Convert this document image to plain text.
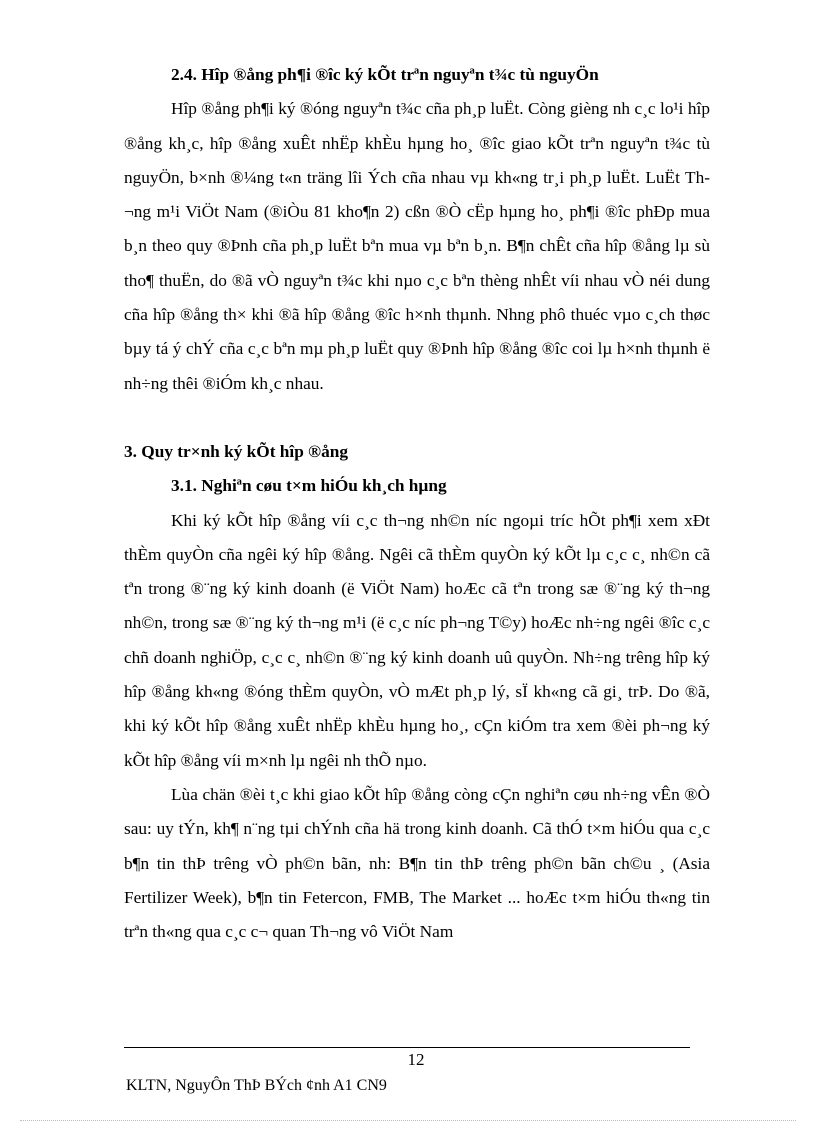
2.4. Hîp ®ång ph¶i ®îc ký kÕt trªn nguyªn t¾c tù nguyÖn

Hîp ®ång ph¶i ký ®óng nguyªn t¾c cña ph¸p luËt. Còng gièng nh c¸c lo¹i hîp ®ång kh¸c, hîp ®ång xuÊt nhËp khÈu hµng ho¸ ®îc giao kÕt trªn nguyªn t¾c tù nguyÖn, b×nh ®¼ng t«n träng lîi Ých cña nhau vµ kh«ng tr¸i ph¸p luËt. LuËt Th¬ng m¹i ViÖt Nam (®iÒu 81 kho¶n 2) cßn ®Ò cËp hµng ho¸ ph¶i ®îc phÐp mua b¸n theo quy ®Þnh cña ph¸p luËt bªn mua vµ bªn b¸n. B¶n chÊt cña hîp ®ång lµ sù tho¶ thuËn, do ®ã vÒ nguyªn t¾c khi nµo c¸c bªn thèng nhÊt víi nhau vÒ néi dung cña hîp ®ång th× khi ®ã hîp ®ång ®îc h×nh thµnh. Nhng phô thuéc vµo c¸ch thøc bµy tá ý chÝ cña c¸c bªn mµ ph¸p luËt quy ®Þnh hîp ®ång ®îc coi lµ h×nh thµnh ë nh÷ng thêi ®iÓm kh¸c nhau.

3. Quy tr×nh ký kÕt hîp ®ång
3.1. Nghiªn cøu t×m hiÓu kh¸ch hµng

Khi ký kÕt hîp ®ång víi c¸c th¬ng nh©n níc ngoµi tríc hÕt ph¶i xem xÐt thÈm quyÒn cña ngêi ký hîp ®ång. Ngêi cã thÈm quyÒn ký kÕt lµ c¸c c¸ nh©n cã tªn trong ®¨ng ký kinh doanh (ë ViÖt Nam) hoÆc cã tªn trong sæ ®¨ng ký th¬ng nh©n, trong sæ ®¨ng ký th¬ng m¹i (ë c¸c níc ph¬ng T©y) hoÆc nh÷ng ngêi ®îc c¸c chñ doanh nghiÖp, c¸c c¸ nh©n ®¨ng ký kinh doanh uû quyÒn. Nh÷ng trêng hîp ký hîp ®ång kh«ng ®óng thÈm quyÒn, vÒ mÆt ph¸p lý, sÏ kh«ng cã gi¸ trÞ. Do ®ã, khi ký kÕt hîp ®ång xuÊt nhËp khÈu hµng ho¸, cÇn kiÓm tra xem ®èi ph¬ng ký kÕt hîp ®ång víi m×nh lµ ngêi nh thÕ nµo.

Lùa chän ®èi t¸c khi giao kÕt hîp ®ång còng cÇn nghiªn cøu nh÷ng vÊn ®Ò sau: uy tÝn, kh¶ n¨ng tµi chÝnh cña hä trong kinh doanh. Cã thÓ t×m hiÓu qua c¸c b¶n tin thÞ trêng vÒ ph©n bãn, nh: B¶n tin thÞ trêng ph©n bãn ch©u ¸ (Asia Fertilizer Week), b¶n tin Fetercon, FMB, The Market ... hoÆc t×m hiÓu th«ng tin trªn th«ng qua c¸c c¬ quan Th¬ng vô ViÖt Nam

12
KLTN, NguyÔn ThÞ BÝch ¢nh A1 CN9
